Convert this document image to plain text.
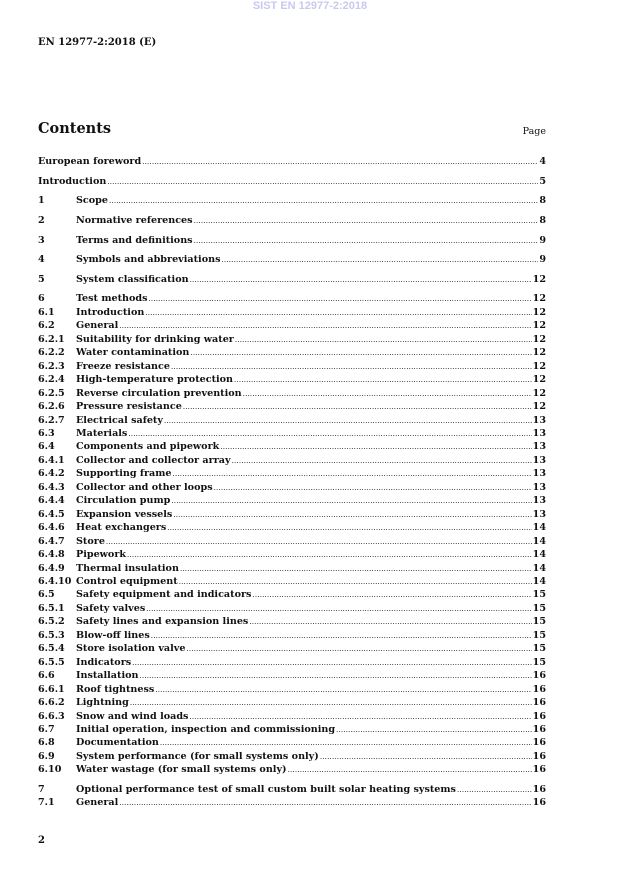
SIST EN 12977-2:2018
EN 12977-2:2018 (E)
Contents	Page
European foreword .....	4
Introduction .....	5
1	Scope .....	8
2	Normative references .....	8
3	Terms and definitions .....	9
4	Symbols and abbreviations .....	9
5	System classification .....	12
6	Test methods .....	12
6.1	Introduction .....	12
6.2	General .....	12
6.2.1	Suitability for drinking water .....	12
6.2.2	Water contamination .....	12
6.2.3	Freeze resistance .....	12
6.2.4	High-temperature protection .....	12
6.2.5	Reverse circulation prevention .....	12
6.2.6	Pressure resistance .....	12
6.2.7	Electrical safety .....	13
6.3	Materials .....	13
6.4	Components and pipework .....	13
6.4.1	Collector and collector array .....	13
6.4.2	Supporting frame .....	13
6.4.3	Collector and other loops .....	13
6.4.4	Circulation pump .....	13
6.4.5	Expansion vessels .....	13
6.4.6	Heat exchangers .....	14
6.4.7	Store .....	14
6.4.8	Pipework .....	14
6.4.9	Thermal insulation .....	14
6.4.10 Control equipment .....	14
6.5	Safety equipment and indicators .....	15
6.5.1	Safety valves .....	15
6.5.2	Safety lines and expansion lines .....	15
6.5.3	Blow-off lines .....	15
6.5.4	Store isolation valve .....	15
6.5.5	Indicators .....	15
6.6	Installation .....	16
6.6.1	Roof tightness .....	16
6.6.2	Lightning .....	16
6.6.3	Snow and wind loads .....	16
6.7	Initial operation, inspection and commissioning .....	16
6.8	Documentation .....	16
6.9	System performance (for small systems only) .....	16
6.10	Water wastage (for small systems only) .....	16
7	Optional performance test of small custom built solar heating systems .....	16
7.1	General .....	16
2
